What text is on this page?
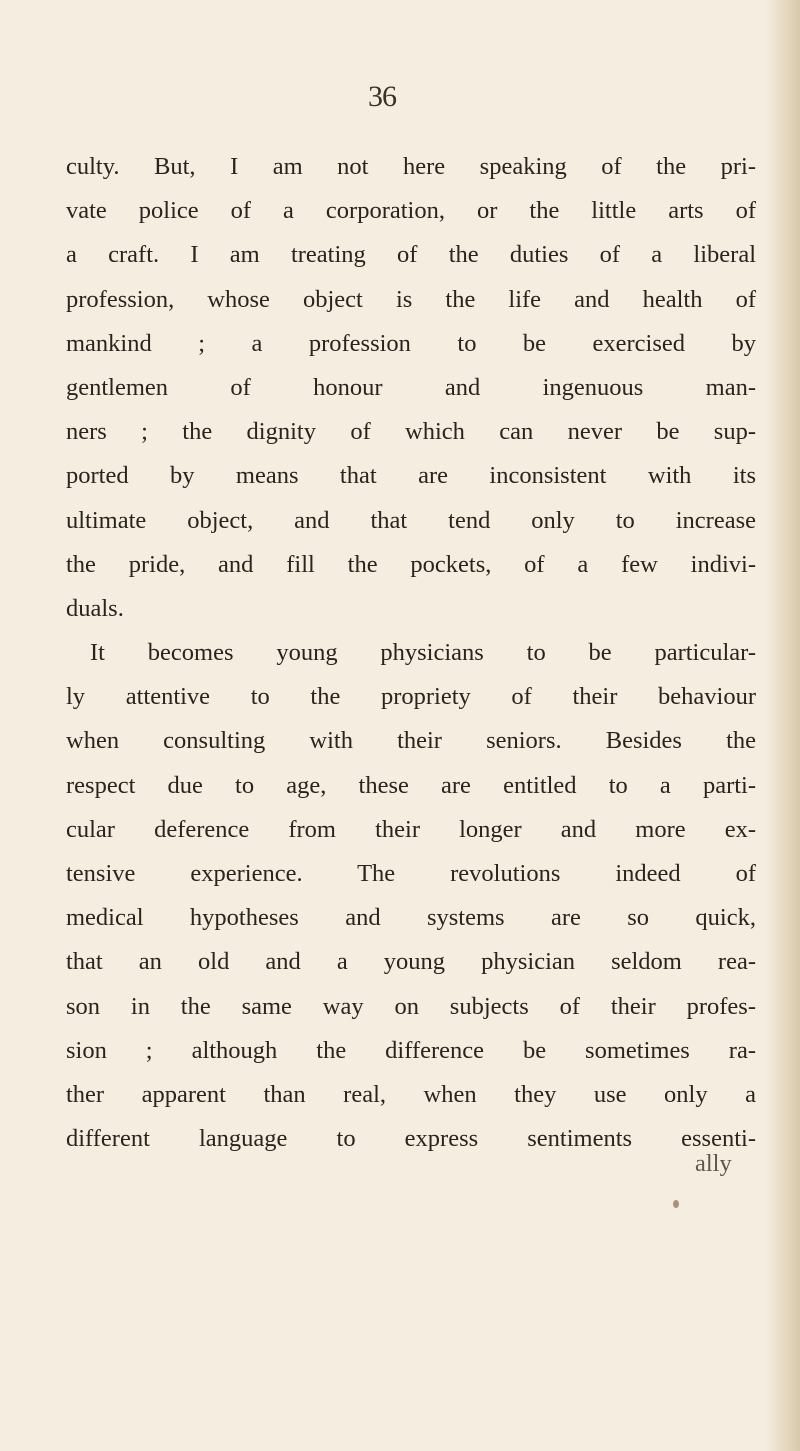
36
culty. But, I am not here speaking of the pri-
vate police of a corporation, or the little arts of
a craft. I am treating of the duties of a liberal
profession, whose object is the life and health of
mankind ; a profession to be exercised by
gentlemen of honour and ingenuous man-
ners ; the dignity of which can never be sup-
ported by means that are inconsistent with its
ultimate object, and that tend only to increase
the pride, and fill the pockets, of a few indivi-
duals.
It becomes young physicians to be particular-
ly attentive to the propriety of their behaviour
when consulting with their seniors. Besides the
respect due to age, these are entitled to a parti-
cular deference from their longer and more ex-
tensive experience. The revolutions indeed of
medical hypotheses and systems are so quick,
that an old and a young physician seldom rea-
son in the same way on subjects of their profes-
sion ; although the difference be sometimes ra-
ther apparent than real, when they use only a
different language to express sentiments essenti-
ally
